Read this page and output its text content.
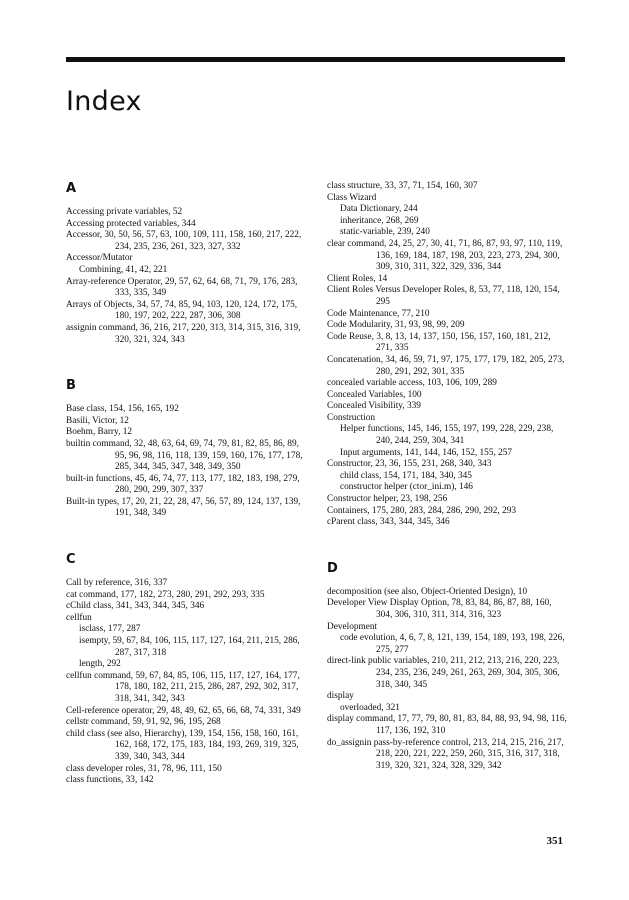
Index
A
Accessing private variables, 52
Accessing protected variables, 344
Accessor, 30, 50, 56, 57, 63, 100, 109, 111, 158, 160, 217, 222, 234, 235, 236, 261, 323, 327, 332
Accessor/Mutator
Combining, 41, 42, 221
Array-reference Operator, 29, 57, 62, 64, 68, 71, 79, 176, 283, 333, 335, 349
Arrays of Objects, 34, 57, 74, 85, 94, 103, 120, 124, 172, 175, 180, 197, 202, 222, 287, 306, 308
assignin command, 36, 216, 217, 220, 313, 314, 315, 316, 319, 320, 321, 324, 343
B
Base class, 154, 156, 165, 192
Basili, Victor, 12
Boehm, Barry, 12
builtin command, 32, 48, 63, 64, 69, 74, 79, 81, 82, 85, 86, 89, 95, 96, 98, 116, 118, 139, 159, 160, 176, 177, 178, 285, 344, 345, 347, 348, 349, 350
built-in functions, 45, 46, 74, 77, 113, 177, 182, 183, 198, 279, 280, 290, 299, 307, 337
Built-in types, 17, 20, 21, 22, 28, 47, 56, 57, 89, 124, 137, 139, 191, 348, 349
C
Call by reference, 316, 337
cat command, 177, 182, 273, 280, 291, 292, 293, 335
cChild class, 341, 343, 344, 345, 346
cellfun
isclass, 177, 287
isempty, 59, 67, 84, 106, 115, 117, 127, 164, 211, 215, 286, 287, 317, 318
length, 292
cellfun command, 59, 67, 84, 85, 106, 115, 117, 127, 164, 177, 178, 180, 182, 211, 215, 286, 287, 292, 302, 317, 318, 341, 342, 343
Cell-reference operator, 29, 48, 49, 62, 65, 66, 68, 74, 331, 349
cellstr command, 59, 91, 92, 96, 195, 268
child class (see also, Hierarchy), 139, 154, 156, 158, 160, 161, 162, 168, 172, 175, 183, 184, 193, 269, 319, 325, 339, 340, 343, 344
class developer roles, 31, 78, 96, 111, 150
class functions, 33, 142
class structure, 33, 37, 71, 154, 160, 307
Class Wizard
Data Dictionary, 244
inheritance, 268, 269
static-variable, 239, 240
clear command, 24, 25, 27, 30, 41, 71, 86, 87, 93, 97, 110, 119, 136, 169, 184, 187, 198, 203, 223, 273, 294, 300, 309, 310, 311, 322, 329, 336, 344
Client Roles, 14
Client Roles Versus Developer Roles, 8, 53, 77, 118, 120, 154, 295
Code Maintenance, 77, 210
Code Modularity, 31, 93, 98, 99, 209
Code Reuse, 3, 8, 13, 14, 137, 150, 156, 157, 160, 181, 212, 271, 335
Concatenation, 34, 46, 59, 71, 97, 175, 177, 179, 182, 205, 273, 280, 291, 292, 301, 335
concealed variable access, 103, 106, 109, 289
Concealed Variables, 100
Concealed Visibility, 339
Construction
Helper functions, 145, 146, 155, 197, 199, 228, 229, 238, 240, 244, 259, 304, 341
Input arguments, 141, 144, 146, 152, 155, 257
Constructor, 23, 36, 155, 231, 268, 340, 343
child class, 154, 171, 184, 340, 345
constructor helper (ctor_ini.m), 146
Constructor helper, 23, 198, 256
Containers, 175, 280, 283, 284, 286, 290, 292, 293
cParent class, 343, 344, 345, 346
D
decomposition (see also, Object-Oriented Design), 10
Developer View Display Option, 78, 83, 84, 86, 87, 88, 160, 304, 306, 310, 311, 314, 316, 323
Development
code evolution, 4, 6, 7, 8, 121, 139, 154, 189, 193, 198, 226, 275, 277
direct-link public variables, 210, 211, 212, 213, 216, 220, 223, 234, 235, 236, 249, 261, 263, 269, 304, 305, 306, 318, 340, 345
display
overloaded, 321
display command, 17, 77, 79, 80, 81, 83, 84, 88, 93, 94, 98, 116, 117, 136, 192, 310
do_assignin pass-by-reference control, 213, 214, 215, 216, 217, 218, 220, 221, 222, 259, 260, 315, 316, 317, 318, 319, 320, 321, 324, 328, 329, 342
351
